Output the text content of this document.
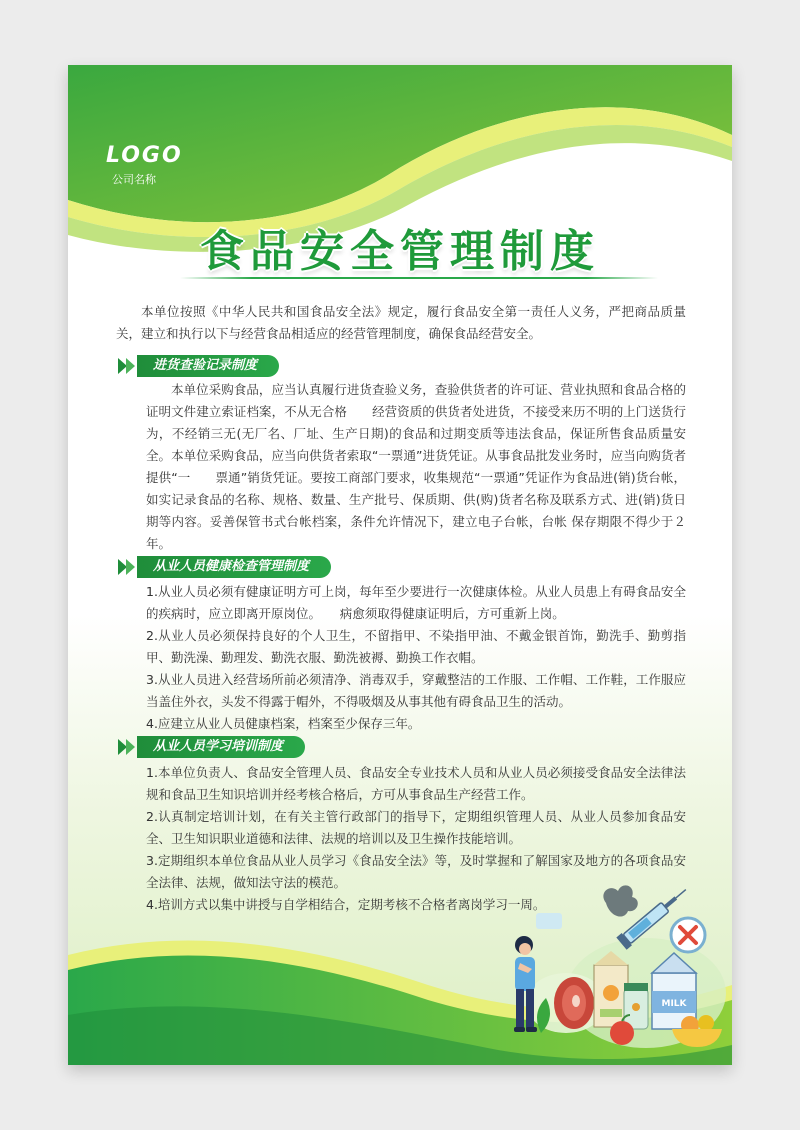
LOGO
公司名称
食品安全管理制度
本单位按照《中华人民共和国食品安全法》规定，履行食品安全第一责任人义务，严把商品质量关，建立和执行以下与经营食品相适应的经营管理制度，确保食品经营安全。
进货查验记录制度

本单位采购食品，应当认真履行进货查验义务，查验供货者的许可证、营业执照和食品合格的证明文件建立索证档案，不从无合格　　经营资质的供货者处进货，不接受来历不明的上门送货行为，不经销三无(无厂名、厂址、生产日期)的食品和过期变质等违法食品，保证所售食品质量安全。本单位采购食品，应当向供货者索取“一票通”进货凭证。从事食品批发业务时，应当向购货者提供“一　　票通”销货凭证。要按工商部门要求，收集规范“一票通”凭证作为食品进(销)货台帐，如实记录食品的名称、规格、数量、生产批号、保质期、供(购)货者名称及联系方式、进(销)货日期等内容。妥善保管书式台帐档案，条件允许情况下，建立电子台帐，台帐 保存期限不得少于２年。

从业人员健康检查管理制度

1.从业人员必须有健康证明方可上岗，每年至少要进行一次健康体检。从业人员患上有碍食品安全的疾病时，应立即离开原岗位。　　病愈须取得健康证明后，方可重新上岗。

2.从业人员必须保持良好的个人卫生，不留指甲、不染指甲油、不戴金银首饰，勤洗手、勤剪指甲、勤洗澡、勤理发、勤洗衣服、勤洗被褥、勤换工作衣帽。

3.从业人员进入经营场所前必须清净、消毒双手，穿戴整洁的工作服、工作帽、工作鞋，工作服应当盖住外衣，头发不得露于帽外，不得吸烟及从事其他有碍食品卫生的活动。

4.应建立从业人员健康档案，档案至少保存三年。

从业人员学习培训制度

1.本单位负责人、食品安全管理人员、食品安全专业技术人员和从业人员必须接受食品安全法律法规和食品卫生知识培训并经考核合格后，方可从事食品生产经营工作。

2.认真制定培训计划，在有关主管行政部门的指导下，定期组织管理人员、从业人员参加食品安全、卫生知识职业道德和法律、法规的培训以及卫生操作技能培训。

3.定期组织本单位食品从业人员学习《食品安全法》等，及时掌握和了解国家及地方的各项食品安全法律、法规，做知法守法的模范。

4.培训方式以集中讲授与自学相结合，定期考核不合格者离岗学习一周。

MILK
